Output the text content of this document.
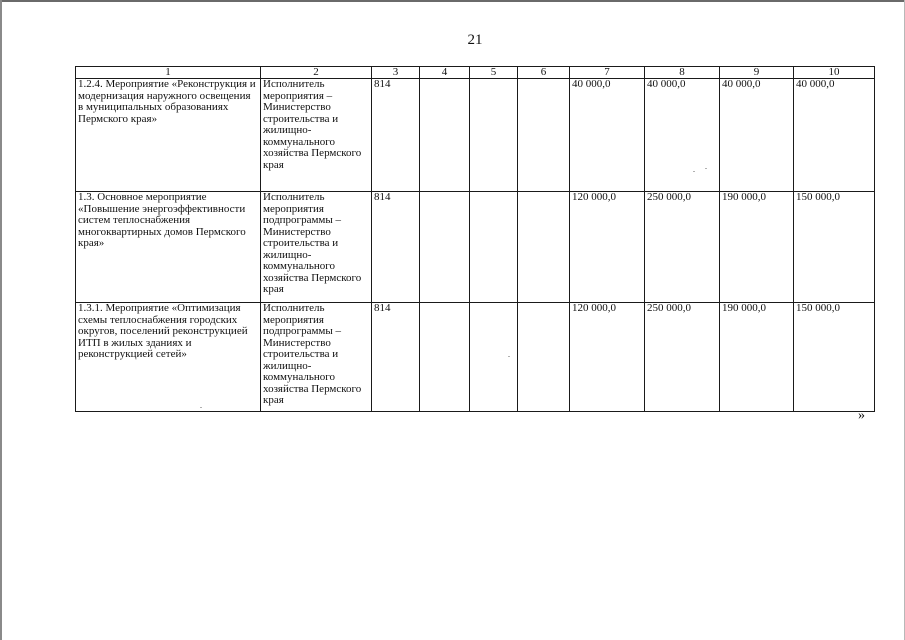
21
1	2	3	4	5	6	7	8	9	10
1.2.4. Мероприятие «Реконструкция и модернизация наружного освещения в муниципальных образованиях Пермского края»	Исполнитель мероприятия – Министерство строительства и жилищно-коммунального хозяйства Пермского края	814				40 000,0	40 000,0	40 000,0	40 000,0
1.3. Основное мероприятие «Повышение энергоэффективности систем теплоснабжения многоквартирных домов Пермского края»	Исполнитель мероприятия подпрограммы – Министерство строительства и жилищно-коммунального хозяйства Пермского края	814				120 000,0	250 000,0	190 000,0	150 000,0
1.3.1. Мероприятие «Оптимизация схемы теплоснабжения городских округов, поселений реконструкцией ИТП в жилых зданиях и реконструкцией сетей»	Исполнитель мероприятия подпрограммы – Министерство строительства и жилищно-коммунального хозяйства Пермского края	814				120 000,0	250 000,0	190 000,0	150 000,0
»
